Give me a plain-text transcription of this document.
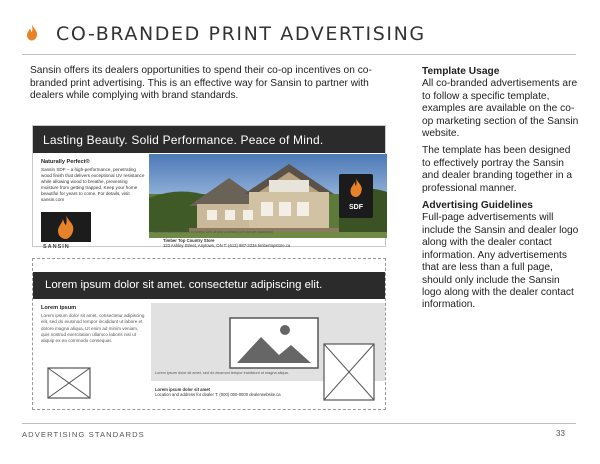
CO-BRANDED PRINT ADVERTISING
Sansin offers its dealers opportunities to spend their co-op incentives on co-branded print advertising. This is an effective way for Sansin to partner with dealers while complying with brand standards.
Template Usage

All co-branded advertisements are to follow a specific template, examples are available on the co-op marketing section of the Sansin website.

The template has been designed to effectively portray the Sansin and dealer branding together in a professional manner.

Advertising Guidelines

Full-page advertisements will include the Sansin and dealer logo along with the dealer contact information. Any advertisements that are less than a full page, should only include the Sansin logo along with the dealer contact information.

Lasting Beauty. Solid Performance. Peace of Mind.
Naturally Perfect®
Sansin SDF – a high-performance, penetrating wood finish that delivers exceptional UV resistance while allowing wood to breathe, preventing moisture from getting trapped. Keep your home beautiful for years to come. For details, visit sansin.com
SANSIN
SDF
Use code WATERSHIELD to receive 15% off your purchase (one use per household)
Timber Top Country Store
123 Ashley Street, Anytown, ON T: (613) 987-3334 timbertopstore.ca
Lorem ipsum dolor sit amet. consectetur adipiscing elit.
Lorem ipsum
Lorem ipsum dolor sit amet, consectetur adipiscing elit, sed do eiusmod tempor incididunt ut labore et dolore magna aliqua. Ut enim ad minim veniam, quis nostrud exercitation ullamco laboris nisi ut aliquip ex ea commodo consequat.
Lorem ipsum dolor sit amet, sed do eiusmod tempor incididunt ut magna aliqua.
Lorem ipsum dolor sit amet
Location and address for dealer T: (000) 000-0000 dealerwebsite.ca
ADVERTISING STANDARDS	33
